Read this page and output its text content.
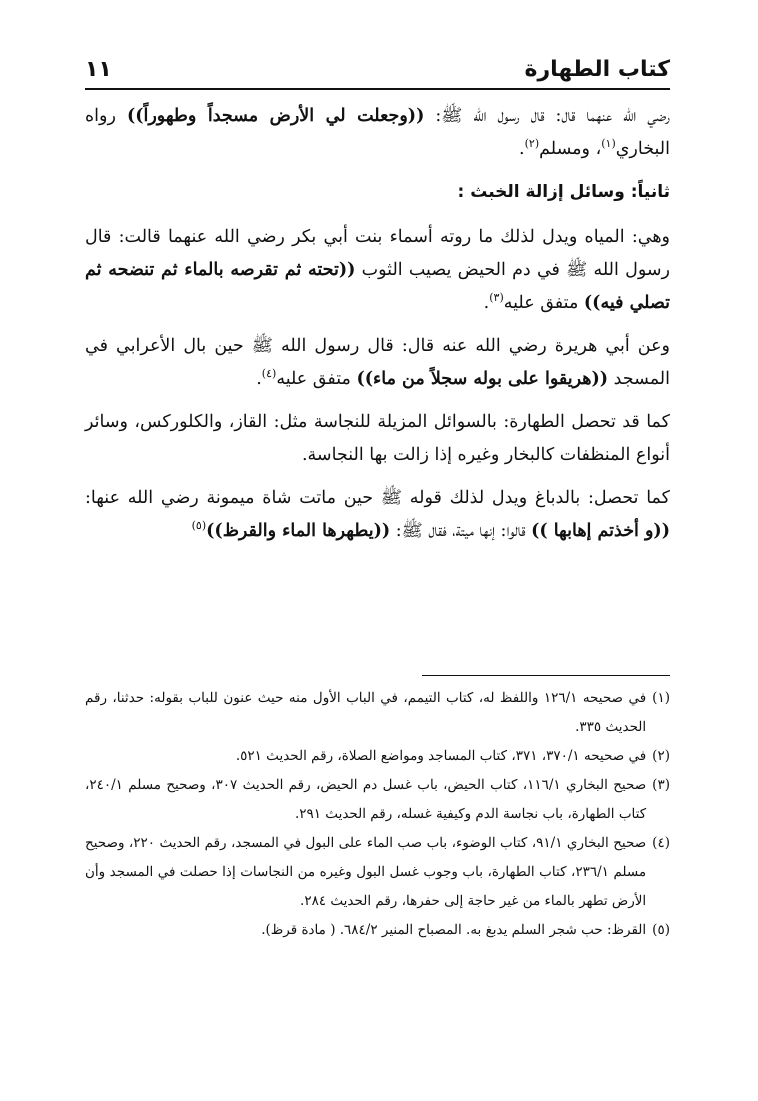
كتاب الطهارة
١١

رضي الله عنهما قال: قال رسول الله ﷺ: ((وجعلت لي الأرض مسجداً وطهوراً)) رواه البخاري$^{(١)}$، ومسلم$^{(٢)}$.

ثانياً: وسائل إزالة الخبث :

وهي: المياه ويدل لذلك ما روته أسماء بنت أبي بكر رضي الله عنهما قالت: قال رسول الله ﷺ في دم الحيض يصيب الثوب ((تحته ثم تقرصه بالماء ثم تنضحه ثم تصلي فيه)) متفق عليه$^{(٣)}$.

وعن أبي هريرة رضي الله عنه قال: قال رسول الله ﷺ حين بال الأعرابي في المسجد ((هريقوا على بوله سجلاً من ماء)) متفق عليه$^{(٤)}$.

كما قد تحصل الطهارة: بالسوائل المزيلة للنجاسة مثل: القاز، والكلوركس، وسائر أنواع المنظفات كالبخار وغيره إذا زالت بها النجاسة.

كما تحصل: بالدباغ ويدل لذلك قوله ﷺ حين ماتت شاة ميمونة رضي الله عنها: ((و أخذتم إهابها )) قالوا: إنها ميتة، فقال ﷺ: ((يطهرها الماء والقرظ))$^{(٥)}$

(١)
في صحيحه ١٢٦/١ واللفظ له، كتاب التيمم، في الباب الأول منه حيث عنون للباب بقوله: حدثنا، رقم الحديث ٣٣٥.
(٢)
في صحيحه ٣٧٠/١، ٣٧١، كتاب المساجد ومواضع الصلاة، رقم الحديث ٥٢١.
(٣)
صحيح البخاري ١١٦/١، كتاب الحيض، باب غسل دم الحيض، رقم الحديث ٣٠٧، وصحيح مسلم ٢٤٠/١، كتاب الطهارة، باب نجاسة الدم وكيفية غسله، رقم الحديث ٢٩١.
(٤)
صحيح البخاري ٩١/١، كتاب الوضوء، باب صب الماء على البول في المسجد، رقم الحديث ٢٢٠، وصحيح مسلم ٢٣٦/١، كتاب الطهارة، باب وجوب غسل البول وغيره من النجاسات إذا حصلت في المسجد وأن الأرض تطهر بالماء من غير حاجة إلى حفرها، رقم الحديث ٢٨٤.
(٥)
القرظ: حب شجر السلم يدبغ به. المصباح المنير ٦٨٤/٢. ( مادة قرظ).
